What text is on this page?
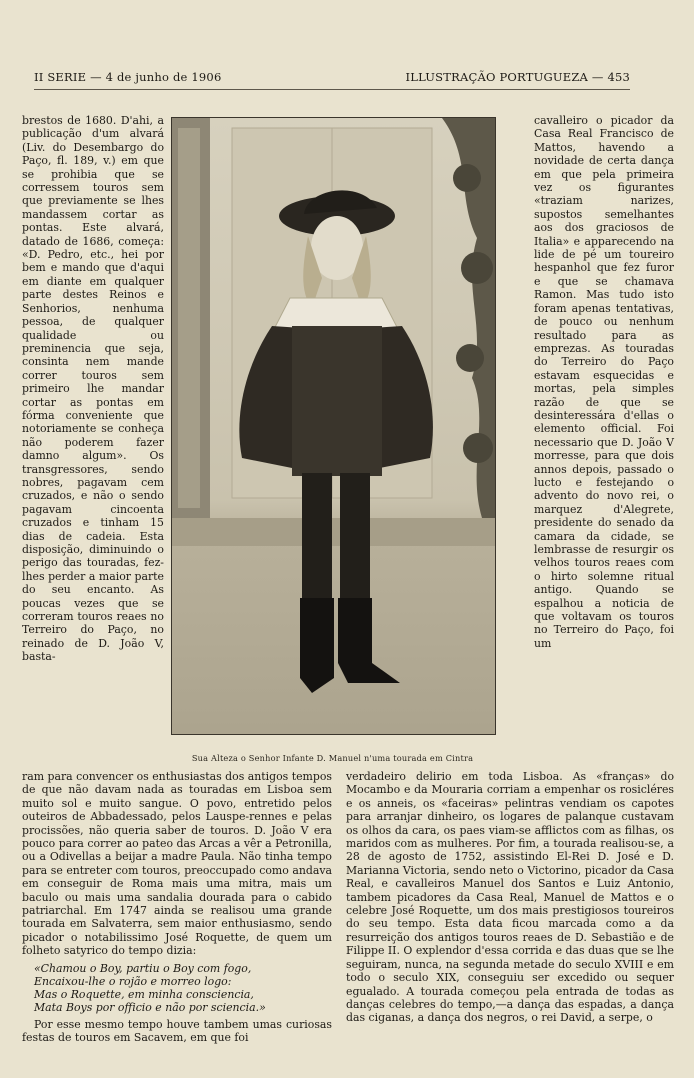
II SERIE — 4 de junho de 1906	ILLUSTRAÇÃO PORTUGUEZA — 453

brestos de 1680. D'ahi, a publicação d'um alvará (Liv. do Desembargo do Paço, fl. 189, v.) em que se prohibia que se corressem touros sem que previamente se lhes mandassem cortar as pontas. Este alvará, datado de 1686, começa: «D. Pedro, etc., hei por bem e mando que d'aqui em diante em qualquer parte destes Reinos e Senhorios, nenhuma pessoa, de qualquer qualidade ou preminencia que seja, consinta nem mande correr touros sem primeiro lhe mandar cortar as pontas em fórma conveniente que notoriamente se conheça não poderem fazer damno algum». Os transgressores, sendo nobres, pagavam cem cruzados, e não o sendo pagavam cincoenta cruzados e tinham 15 dias de cadeia. Esta disposição, diminuindo o perigo das touradas, fez-lhes perder a maior parte do seu encanto. As poucas vezes que se correram touros reaes no Terreiro do Paço, no reinado de D. João V, basta-

Sua Alteza o Senhor Infante D. Manuel n'uma tourada em Cintra

cavalleiro o picador da Casa Real Francisco de Mattos, havendo a novidade de certa dança em que pela primeira vez os figurantes «traziam narizes, supostos semelhantes aos dos graciosos de Italia» e apparecendo na lide de pé um toureiro hespanhol que fez furor e que se chamava Ramon. Mas tudo isto foram apenas tentativas, de pouco ou nenhum resultado para as emprezas. As touradas do Terreiro do Paço estavam esquecidas e mortas, pela simples razão de que se desinteressára d'ellas o elemento official. Foi necessario que D. João V morresse, para que dois annos depois, passado o lucto e festejando o advento do novo rei, o marquez d'Alegrete, presidente do senado da camara da cidade, se lembrasse de resurgir os velhos touros reaes com o hirto solemne ritual antigo. Quando se espalhou a noticia de que voltavam os touros no Terreiro do Paço, foi um

ram para convencer os enthusiastas dos antigos tempos de que não davam nada as touradas em Lisboa sem muito sol e muito sangue. O povo, entretido pelos outeiros de Abbadessado, pelos Lauspe-rennes e pelas procissões, não queria saber de touros. D. João V era pouco para correr ao pateo das Arcas a vêr a Petronilla, ou a Odivellas a beijar a madre Paula. Não tinha tempo para se entreter com touros, preoccupado como andava em conseguir de Roma mais uma mitra, mais um baculo ou mais uma sandalia dourada para o cabido patriarchal. Em 1747 ainda se realisou uma grande tourada em Salvaterra, sem maior enthusiasmo, sendo picador o notabilissimo José Roquette, de quem um folheto satyrico do tempo dizia:

«Chamou o Boy, partiu o Boy com fogo,
Encaixou-lhe o rojão e morreo logo:
Mas o Roquette, em minha consciencia,
Mata Boys por officio e não por sciencia.»

Por esse mesmo tempo houve tambem umas curiosas festas de touros em Sacavem, em que foi

verdadeiro delirio em toda Lisboa. As «franças» do Mocambo e da Mouraria corriam a empenhar os rosicléres e os anneis, os «faceiras» pelintras vendiam os capotes para arranjar dinheiro, os logares de palanque custavam os olhos da cara, os paes viam-se afflictos com as filhas, os maridos com as mulheres. Por fim, a tourada realisou-se, a 28 de agosto de 1752, assistindo El-Rei D. José e D. Marianna Victoria, sendo neto o Victorino, picador da Casa Real, e cavalleiros Manuel dos Santos e Luiz Antonio, tambem picadores da Casa Real, Manuel de Mattos e o celebre José Roquette, um dos mais prestigiosos toureiros do seu tempo. Esta data ficou marcada como a da resurreição dos antigos touros reaes de D. Sebastião e de Filippe II. O explendor d'essa corrida e das duas que se lhe seguiram, nunca, na segunda metade do seculo XVIII e em todo o seculo XIX, conseguiu ser excedido ou sequer egualado. A tourada começou pela entrada de todas as danças celebres do tempo,—a dança das espadas, a dança das ciganas, a dança dos negros, o rei David, a serpe, o
